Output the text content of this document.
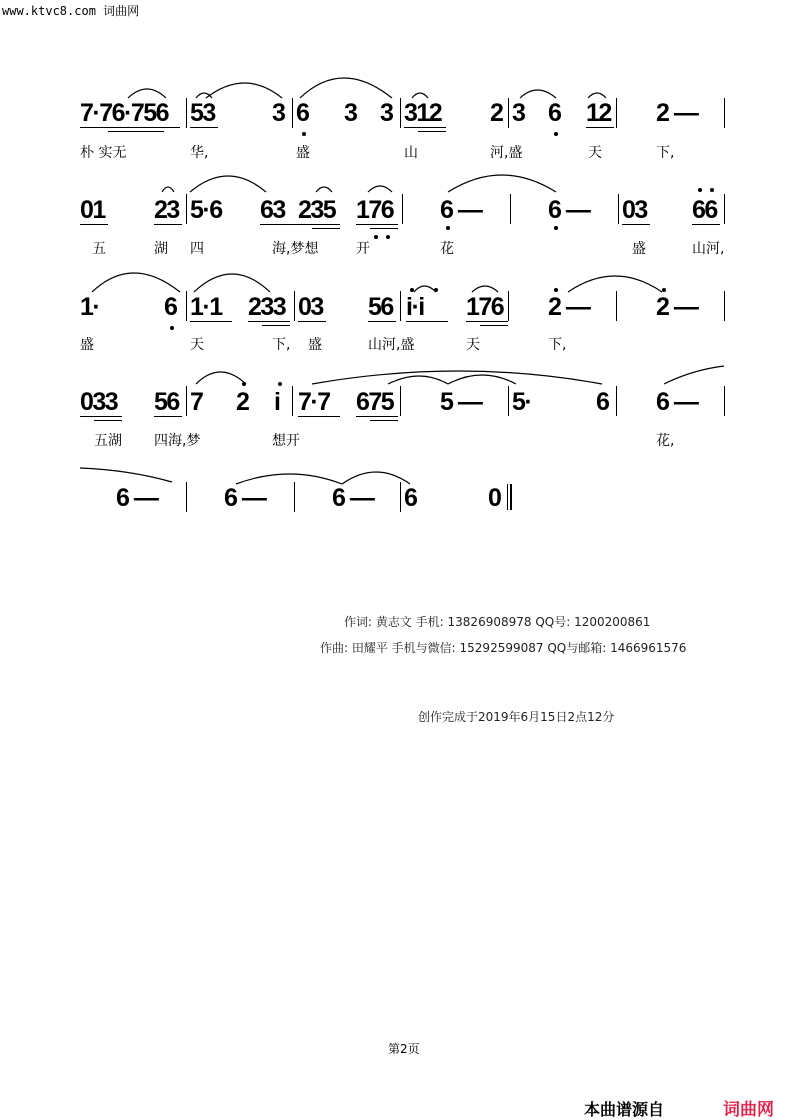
www.ktvc8.com 词曲网
7·76·756 53 3 6 3 3 312 2 3 6 12 2 —
朴 实无	华,	盛	山	河,盛	天	下,
01 23 5·6 63 235 176 6 —	6 — 03 66
五	湖 四	海,梦想	开	花	盛	山河,
1·	6 1·1 233 03 56 i·i 176 2 —	2 —
盛	天	下, 盛	山河,盛	天	下,
033 56 7 2 i 7·7 675 5 — 5·	6 6 —
五湖 四海,梦	想开	花,
6 —	6 —	6 — 6	0
作词: 黄志文 手机: 13826908978 QQ号: 1200200861
作曲: 田耀平 手机与微信: 15292599087 QQ与邮箱: 1466961576
创作完成于2019年6月15日2点12分
第2页
本曲谱源自	词曲网
